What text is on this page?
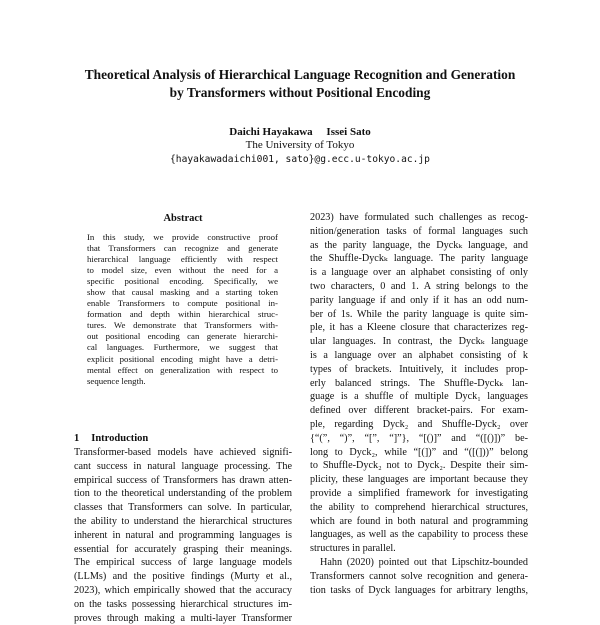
Theoretical Analysis of Hierarchical Language Recognition and Generation
by Transformers without Positional Encoding
Daichi Hayakawa     Issei Sato
The University of Tokyo
{hayakawadaichi001, sato}@g.ecc.u-tokyo.ac.jp
Abstract
In this study, we provide constructive proof
that Transformers can recognize and generate
hierarchical language efficiently with respect
to model size, even without the need for a
specific positional encoding. Specifically, we
show that causal masking and a starting token
enable Transformers to compute positional in-
formation and depth within hierarchical struc-
tures. We demonstrate that Transformers with-
out positional encoding can generate hierarchi-
cal languages. Furthermore, we suggest that
explicit positional encoding might have a detri-
mental effect on generalization with respect to
sequence length.
1 Introduction
Transformer-based models have achieved signifi-
cant success in natural language processing. The
empirical success of Transformers has drawn atten-
tion to the theoretical understanding of the problem
classes that Transformers can solve. In particular,
the ability to understand the hierarchical structures
inherent in natural and programming languages is
essential for accurately grasping their meanings.
The empirical success of large language models
(LLMs) and the positive findings (Murty et al.,
2023), which empirically showed that the accuracy
on the tasks possessing hierarchical structures im-
proves through making a multi-layer Transformer
2023) have formulated such challenges as recog-
nition/generation tasks of formal languages such
as the parity language, the Dyckₖ language, and
the Shuffle-Dyckₖ language. The parity language
is a language over an alphabet consisting of only
two characters, 0 and 1. A string belongs to the
parity language if and only if it has an odd num-
ber of 1s. While the parity language is quite sim-
ple, it has a Kleene closure that characterizes reg-
ular languages. In contrast, the Dyckₖ language
is a language over an alphabet consisting of k
types of brackets. Intuitively, it includes prop-
erly balanced strings. The Shuffle-Dyckₖ lan-
guage is a shuffle of multiple Dyck₁ languages
defined over different bracket-pairs. For exam-
ple, regarding Dyck₂ and Shuffle-Dyck₂ over
{“(”, “)”, “[”, “]”}, “[()]” and “([()])” be-
long to Dyck₂, while “[(])” and “([(]))” belong
to Shuffle-Dyck₂ not to Dyck₂. Despite their sim-
plicity, these languages are important because they
provide a simplified framework for investigating
the ability to comprehend hierarchical structures,
which are found in both natural and programming
languages, as well as the capability to process these
structures in parallel.
Hahn (2020) pointed out that Lipschitz-bounded
Transformers cannot solve recognition and genera-
tion tasks of Dyck languages for arbitrary lengths,
